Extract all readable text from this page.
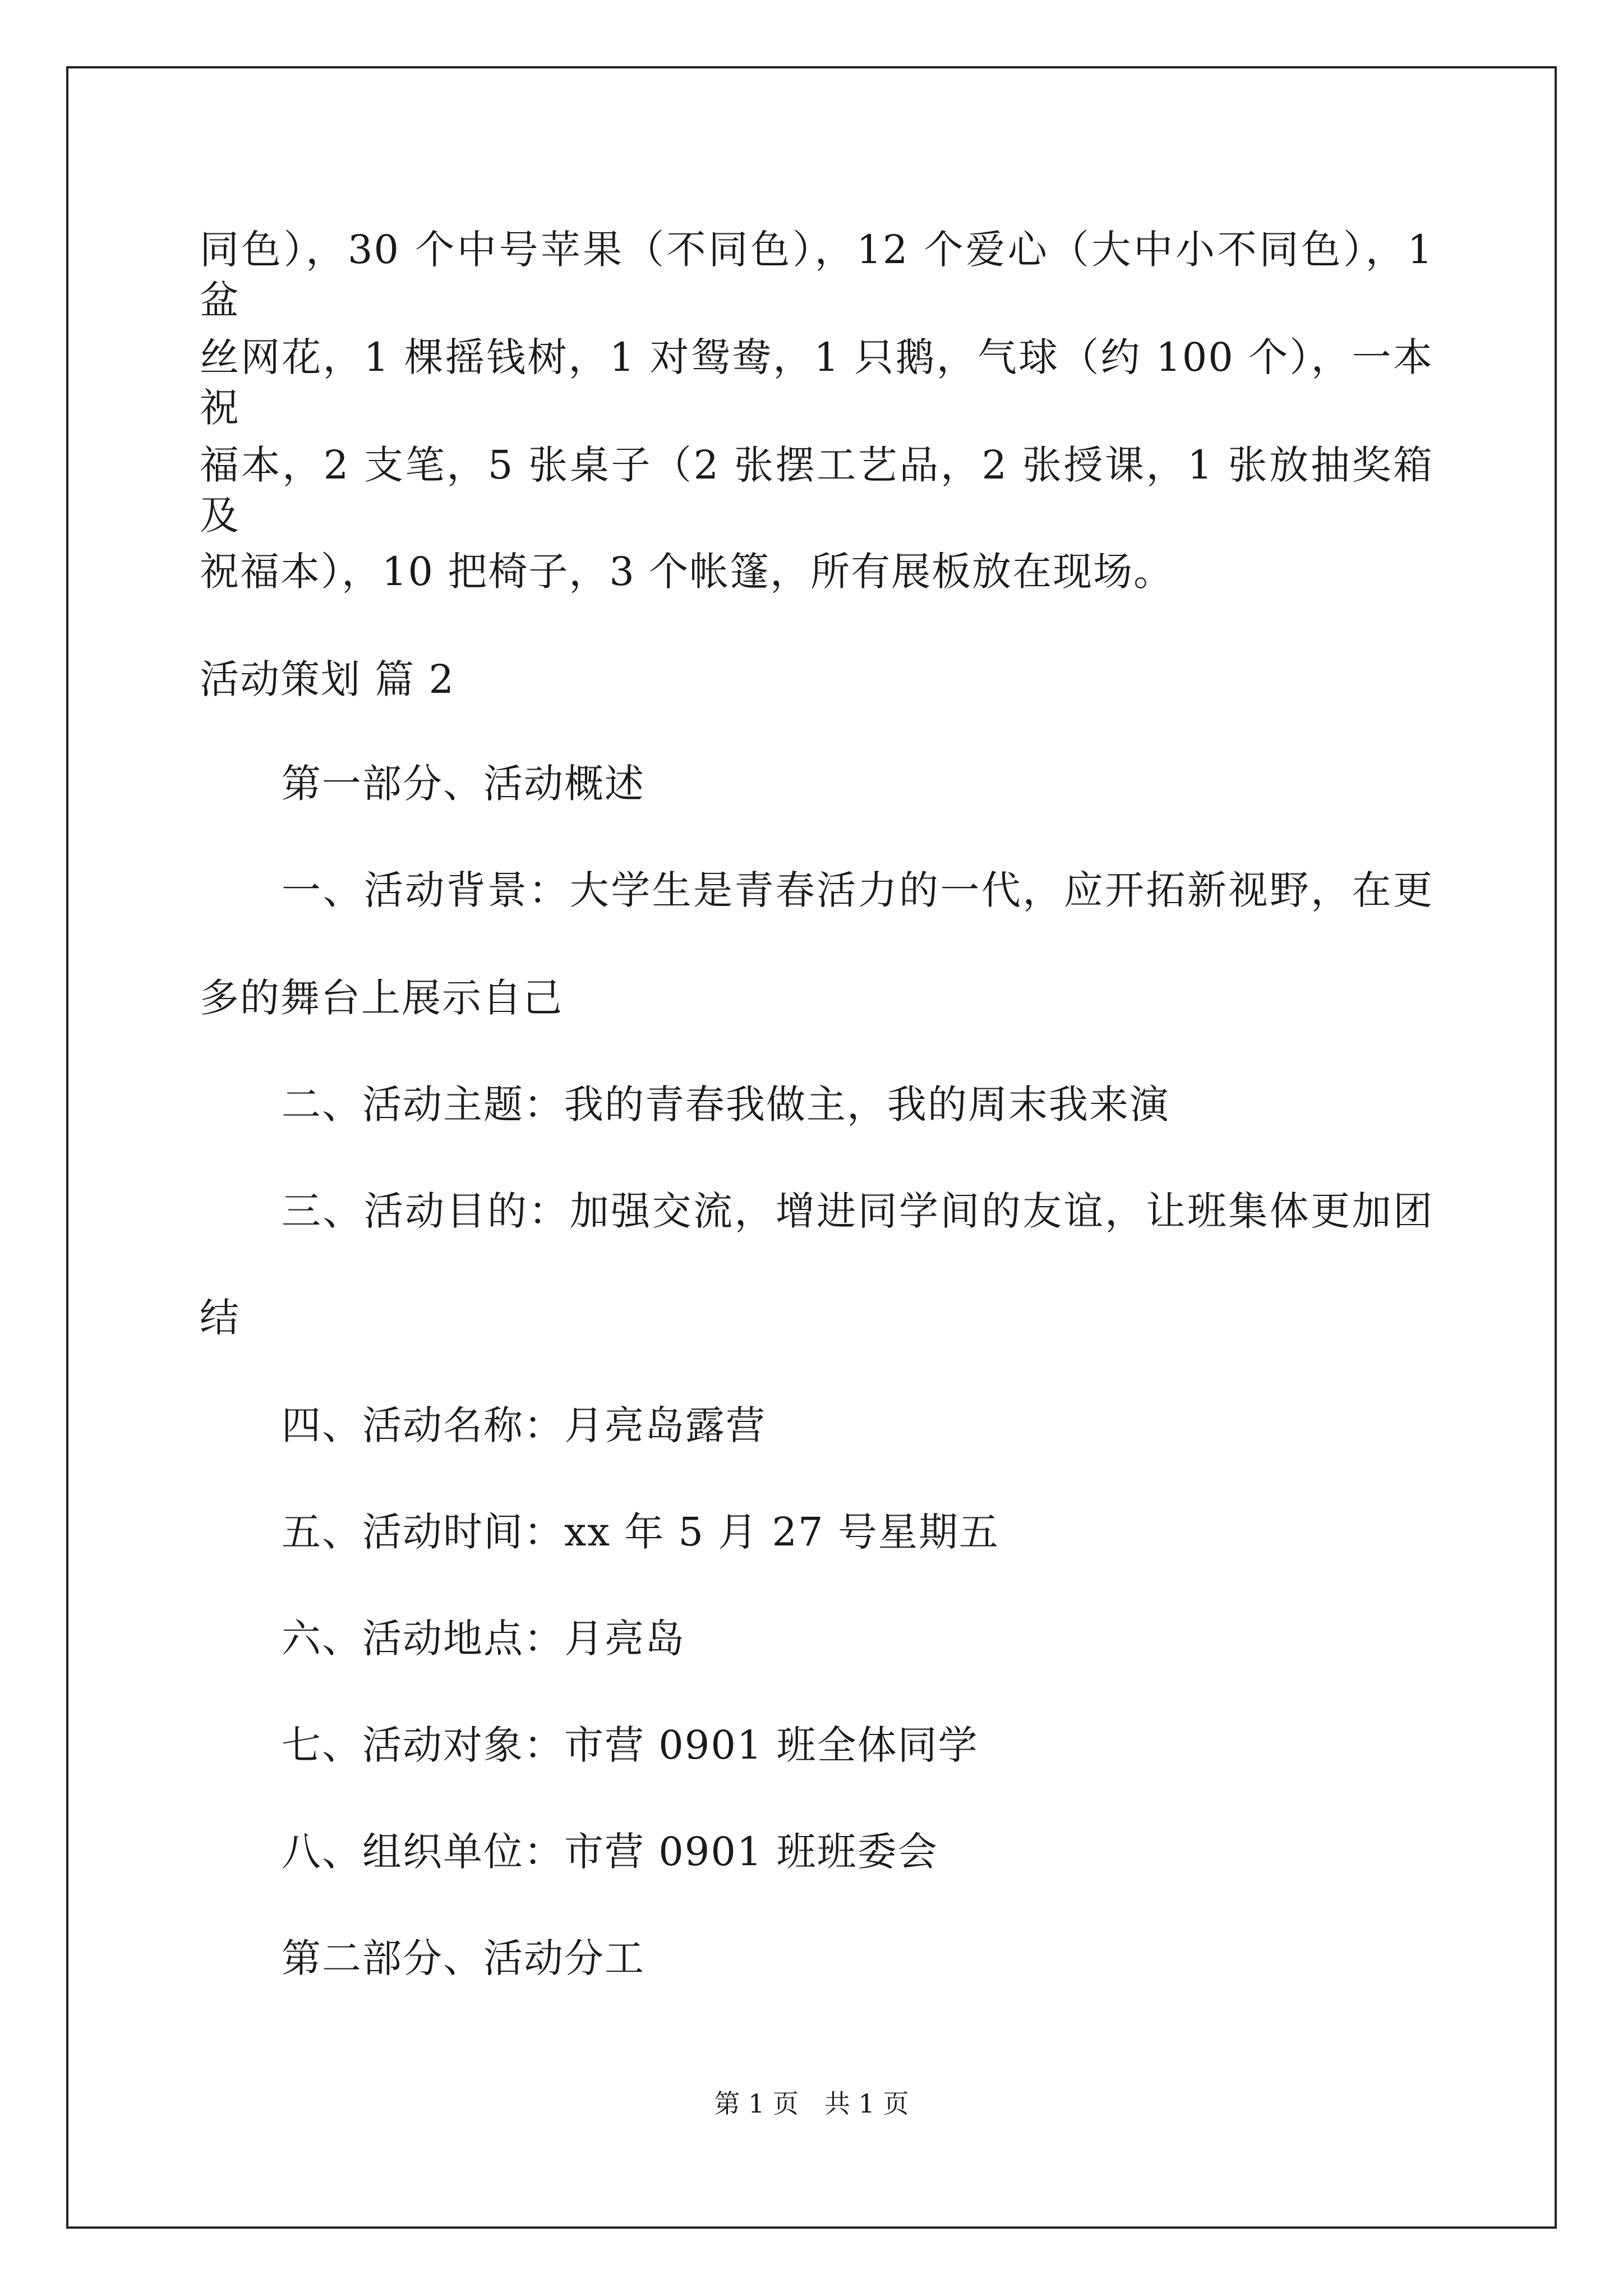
同色），30 个中号苹果（不同色），12 个爱心（大中小不同色），1 盆
丝网花，1 棵摇钱树，1 对鸳鸯，1 只鹅，气球（约 100 个），一本祝
福本，2 支笔，5 张桌子（2 张摆工艺品，2 张授课，1 张放抽奖箱及
祝福本），10 把椅子，3 个帐篷，所有展板放在现场。
活动策划 篇 2
第一部分、活动概述
一、活动背景：大学生是青春活力的一代，应开拓新视野，在更
多的舞台上展示自己
二、活动主题：我的青春我做主，我的周末我来演
三、活动目的：加强交流，增进同学间的友谊，让班集体更加团
结
四、活动名称：月亮岛露营
五、活动时间：xx 年 5 月 27 号星期五
六、活动地点：月亮岛
七、活动对象：市营 0901 班全体同学
八、组织单位：市营 0901 班班委会
第二部分、活动分工
第 1 页　共 1 页
